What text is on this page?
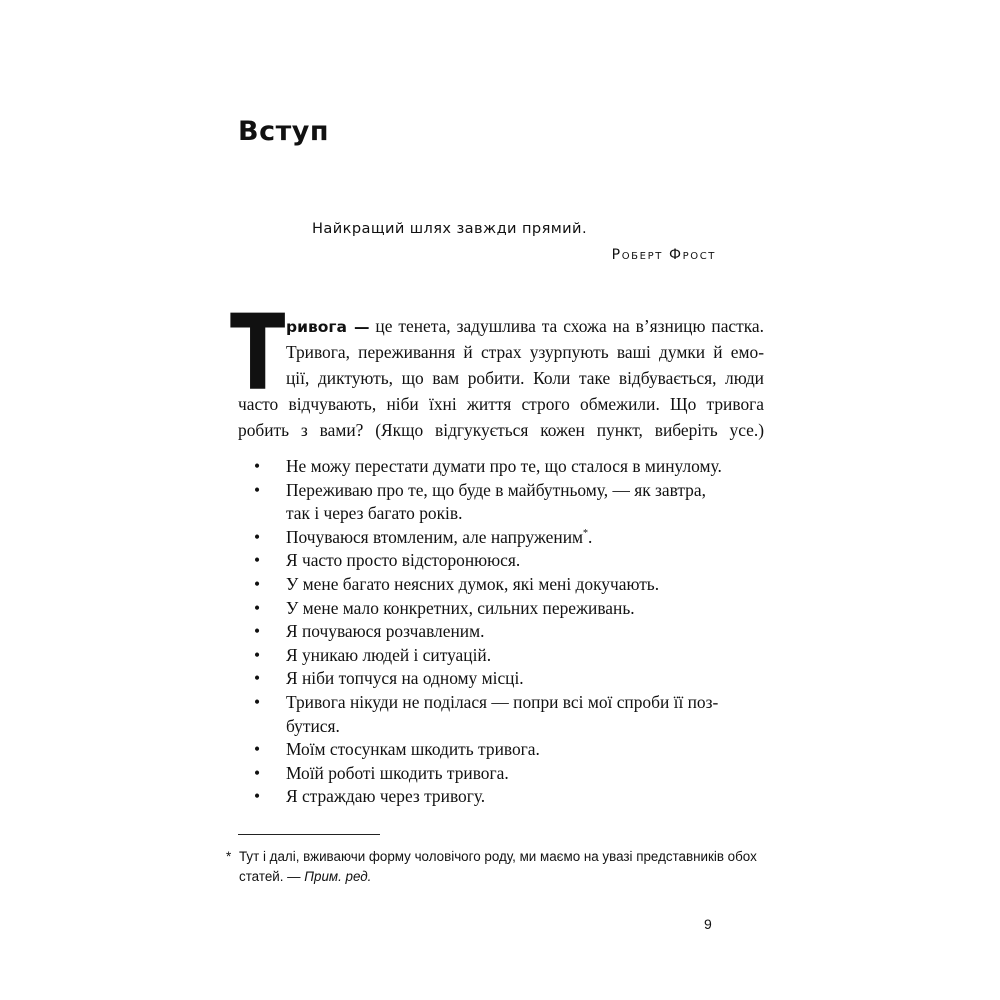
Вступ
Найкращий шлях завжди прямий.
Роберт Фрост
Т ривога — це тенета, задушлива та схожа на в’язницю пастка.
Тривога, переживання й страх узурпують ваші думки й емо-
ції, диктують, що вам робити. Коли таке відбувається, люди
часто відчувають, ніби їхні життя строго обмежили. Що тривога
робить з вами? (Якщо відгукується кожен пункт, виберіть усе.)
• Не можу перестати думати про те, що сталося в минулому.
• Переживаю про те, що буде в майбутньому, — як завтра,
так і через багато років.
• Почуваюся втомленим, але напруженим*.
• Я часто просто відсторонююся.
• У мене багато неясних думок, які мені докучають.
• У мене мало конкретних, сильних переживань.
• Я почуваюся розчавленим.
• Я уникаю людей і ситуацій.
• Я ніби топчуся на одному місці.
• Тривога нікуди не поділася — попри всі мої спроби її поз-
бутися.
• Моїм стосункам шкодить тривога.
• Моїй роботі шкодить тривога.
• Я страждаю через тривогу.
* Тут і далі, вживаючи форму чоловічого роду, ми маємо на увазі представників обох
статей. — Прим. ред.
9
